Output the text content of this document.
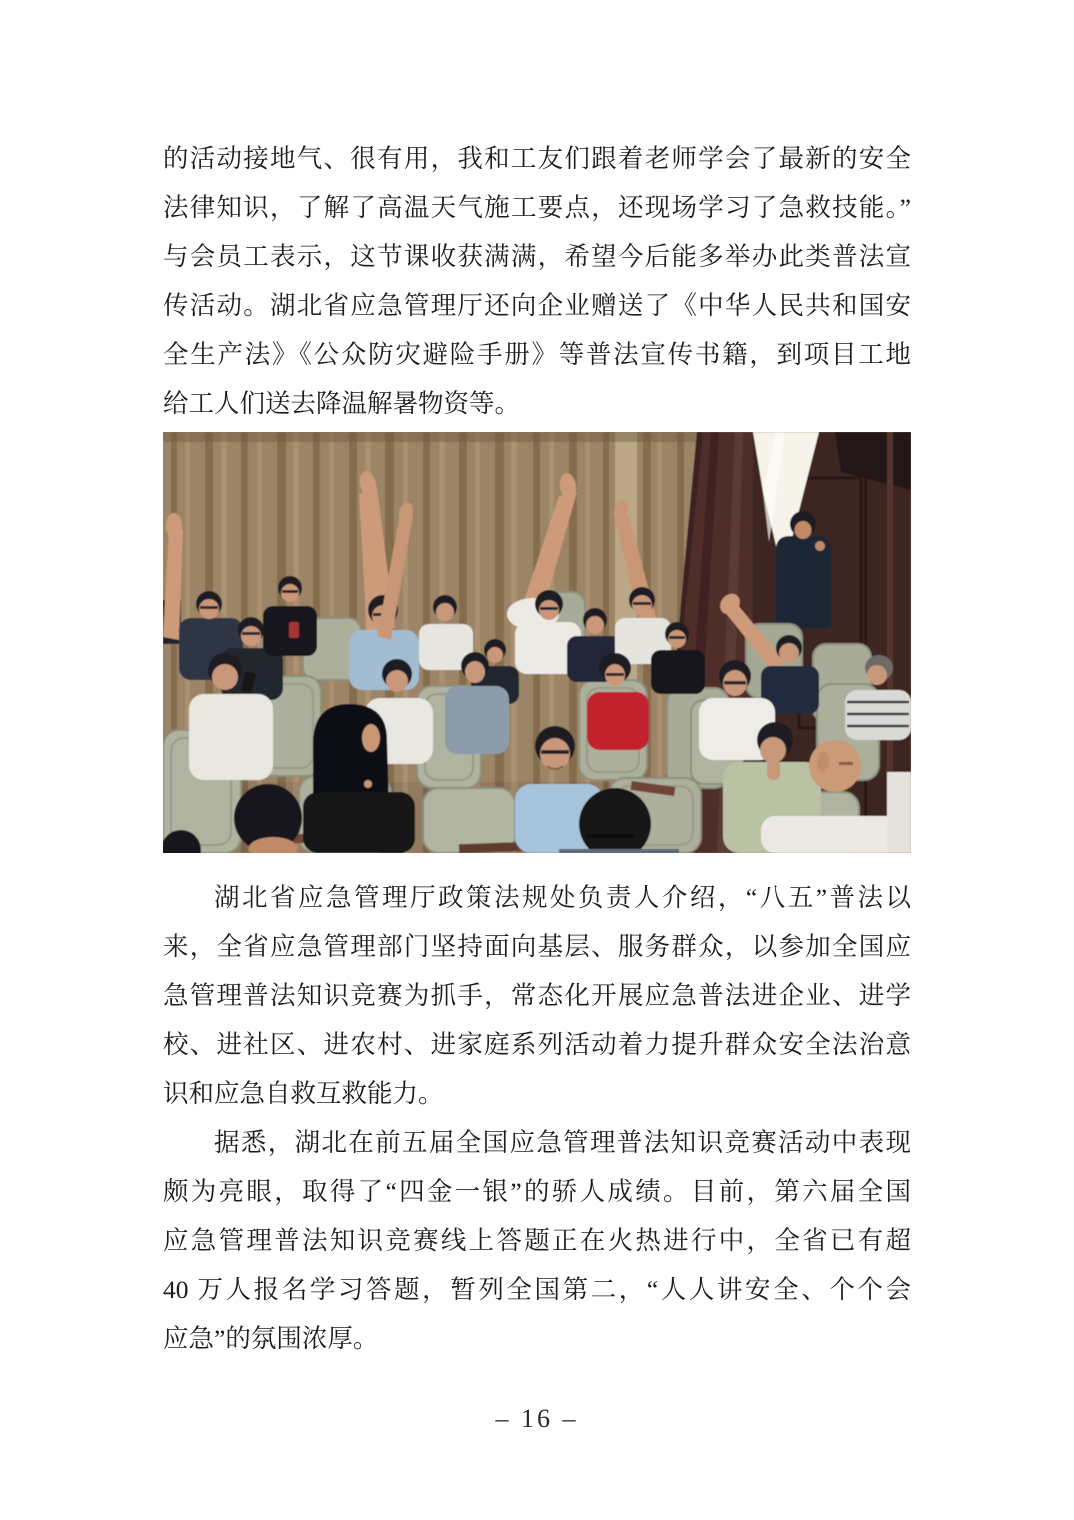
的活动接地气、很有用，我和工友们跟着老师学会了最新的安全
法律知识，了解了高温天气施工要点，还现场学习了急救技能。”
与会员工表示，这节课收获满满，希望今后能多举办此类普法宣
传活动。湖北省应急管理厅还向企业赠送了《中华人民共和国安
全生产法》《公众防灾避险手册》等普法宣传书籍，到项目工地
给工人们送去降温解暑物资等。
湖北省应急管理厅政策法规处负责人介绍，“八五”普法以
来，全省应急管理部门坚持面向基层、服务群众，以参加全国应
急管理普法知识竞赛为抓手，常态化开展应急普法进企业、进学
校、进社区、进农村、进家庭系列活动着力提升群众安全法治意
识和应急自救互救能力。
据悉，湖北在前五届全国应急管理普法知识竞赛活动中表现
颇为亮眼，取得了“四金一银”的骄人成绩。目前，第六届全国
应急管理普法知识竞赛线上答题正在火热进行中，全省已有超
40 万人报名学习答题，暂列全国第二，“人人讲安全、个个会
应急”的氛围浓厚。
– 16 –
